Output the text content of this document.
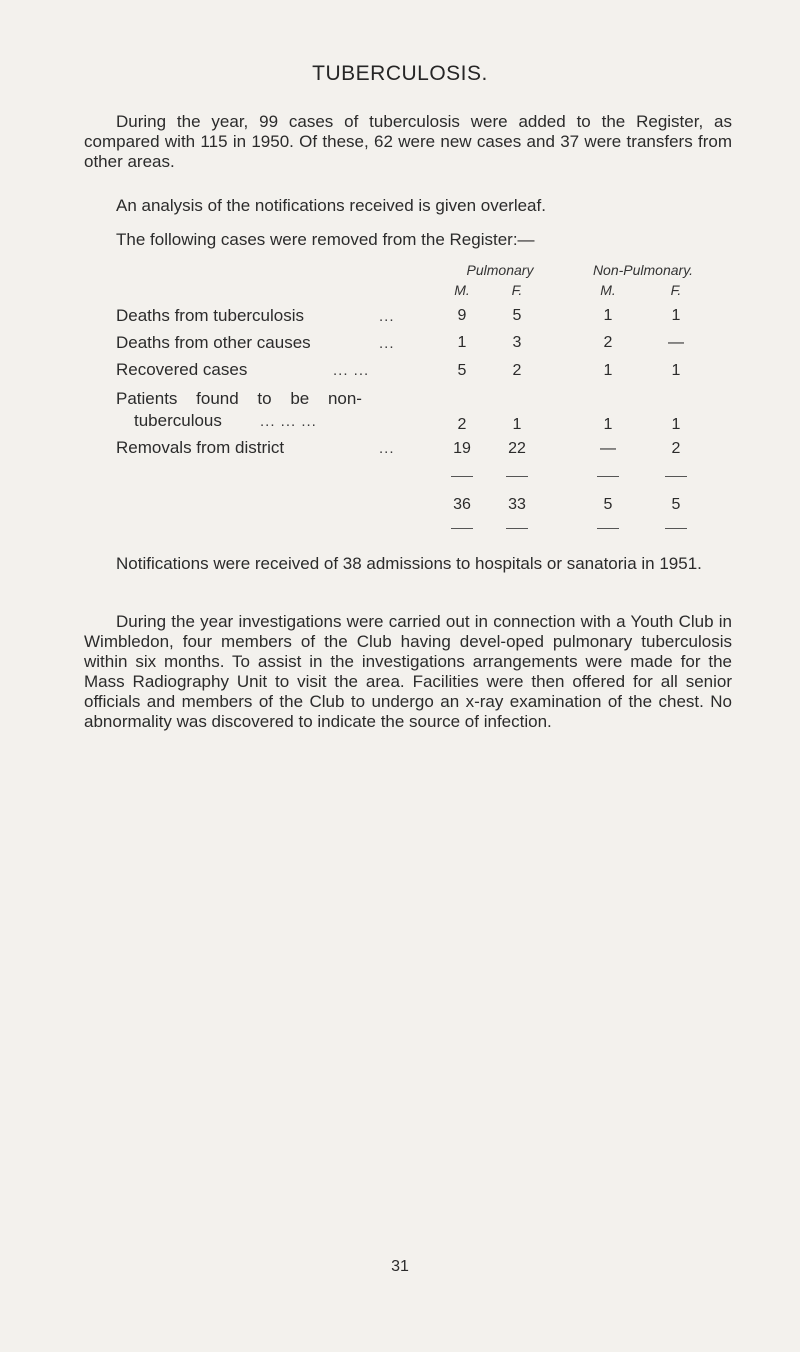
TUBERCULOSIS.
During the year, 99 cases of tuberculosis were added to the Register, as compared with 115 in 1950. Of these, 62 were new cases and 37 were transfers from other areas.
An analysis of the notifications received is given overleaf.
The following cases were removed from the Register:—
Pulmonary	Non-Pulmonary.
M.	F.	M.	F.
Deaths from tuberculosis	...	9	5	1	1
Deaths from other causes	...	1	3	2	—
Recovered cases	... ...	5	2	1	1
Patients found to be non-
tuberculous	... ... ...	2	1	1	1
Removals from district	...	19	22	—	2
36	33	5	5
Notifications were received of 38 admissions to hospitals or sanatoria in 1951.
During the year investigations were carried out in connection with a Youth Club in Wimbledon, four members of the Club having devel-oped pulmonary tuberculosis within six months. To assist in the investigations arrangements were made for the Mass Radiography Unit to visit the area. Facilities were then offered for all senior officials and members of the Club to undergo an x-ray examination of the chest. No abnormality was discovered to indicate the source of infection.
31
